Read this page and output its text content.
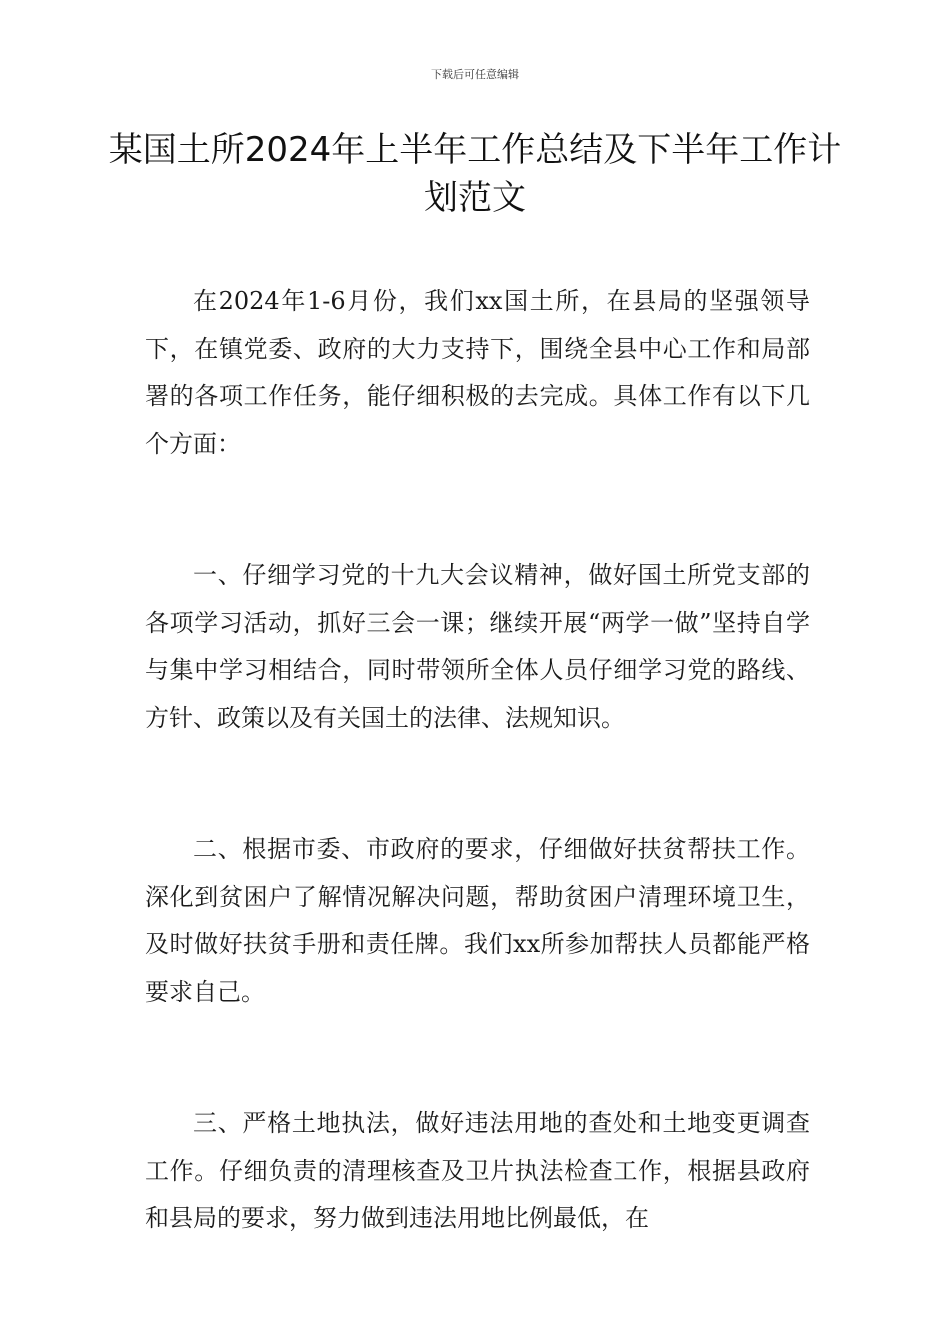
下载后可任意编辑
某国土所2024年上半年工作总结及下半年工作计划范文

在2024年1-6月份，我们xx国土所，在县局的坚强领导下，在镇党委、政府的大力支持下，围绕全县中心工作和局部署的各项工作任务，能仔细积极的去完成。具体工作有以下几个方面：

一、仔细学习党的十九大会议精神，做好国土所党支部的各项学习活动，抓好三会一课；继续开展“两学一做”坚持自学与集中学习相结合，同时带领所全体人员仔细学习党的路线、方针、政策以及有关国土的法律、法规知识。

二、根据市委、市政府的要求，仔细做好扶贫帮扶工作。深化到贫困户了解情况解决问题，帮助贫困户清理环境卫生，及时做好扶贫手册和责任牌。我们xx所参加帮扶人员都能严格要求自己。

三、严格土地执法，做好违法用地的查处和土地变更调查工作。仔细负责的清理核查及卫片执法检查工作，根据县政府和县局的要求，努力做到违法用地比例最低，在
